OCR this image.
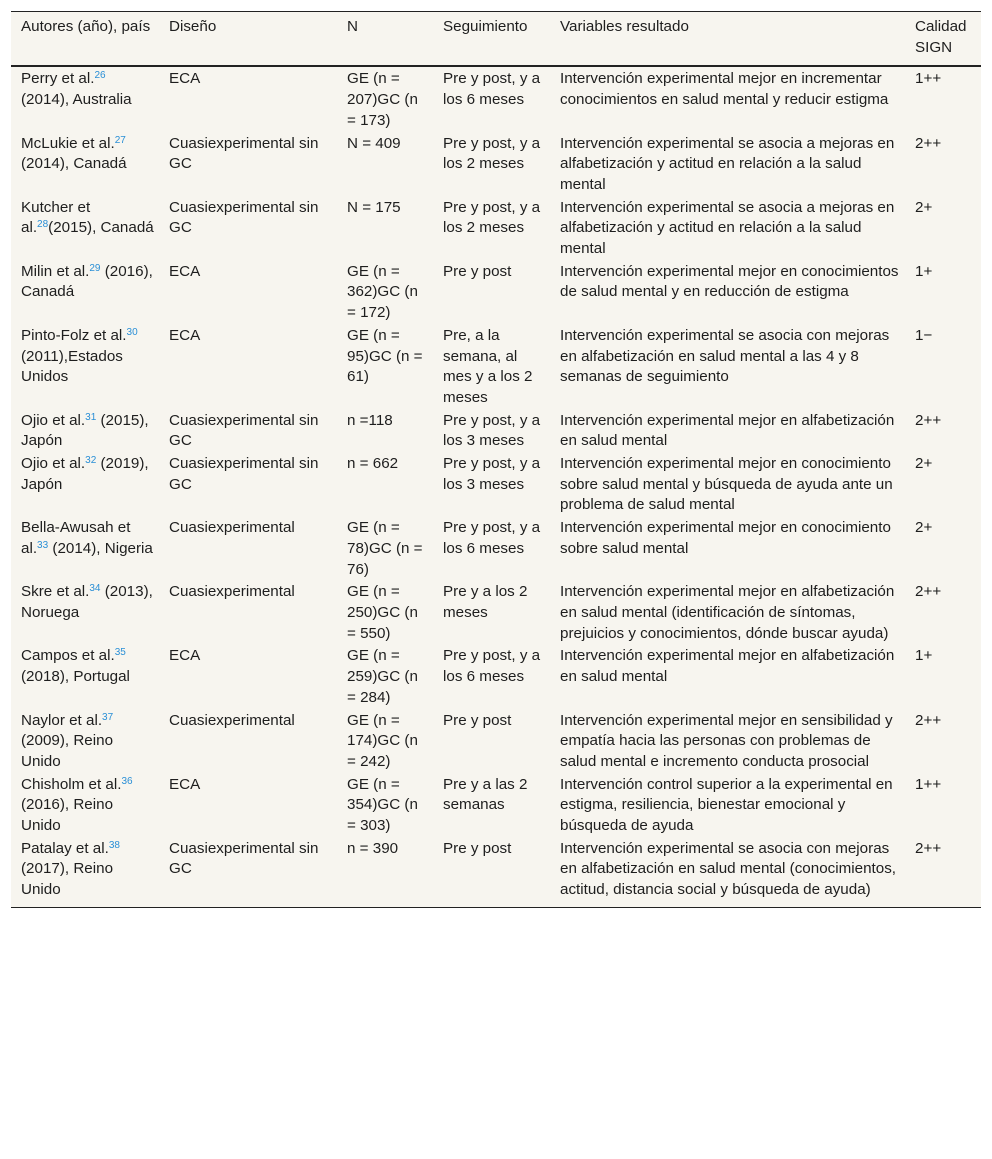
Autores (año), país	Diseño	N	Seguimiento	Variables resultado	Calidad SIGN
Perry et al.$^{26}$ (2014), Australia	ECA	GE (n = 207)GC (n = 173)	Pre y post, y a los 6 meses	Intervención experimental mejor en incrementar conocimientos en salud mental y reducir estigma	1++
McLukie et al.$^{27}$ (2014), Canadá	Cuasiexperimental sin GC	N = 409	Pre y post, y a los 2 meses	Intervención experimental se asocia a mejoras en alfabetización y actitud en relación a la salud mental	2++
Kutcher et al.$^{28}$(2015), Canadá	Cuasiexperimental sin GC	N = 175	Pre y post, y a los 2 meses	Intervención experimental se asocia a mejoras en alfabetización y actitud en relación a la salud mental	2+
Milin et al.$^{29}$ (2016), Canadá	ECA	GE (n = 362)GC (n = 172)	Pre y post	Intervención experimental mejor en conocimientos de salud mental y en reducción de estigma	1+
Pinto-Folz et al.$^{30}$ (2011),Estados Unidos	ECA	GE (n = 95)GC (n = 61)	Pre, a la semana, al mes y a los 2 meses	Intervención experimental se asocia con mejoras en alfabetización en salud mental a las 4 y 8 semanas de seguimiento	1−
Ojio et al.$^{31}$ (2015), Japón	Cuasiexperimental sin GC	n =118	Pre y post, y a los 3 meses	Intervención experimental mejor en alfabetización en salud mental	2++
Ojio et al.$^{32}$ (2019), Japón	Cuasiexperimental sin GC	n = 662	Pre y post, y a los 3 meses	Intervención experimental mejor en conocimiento sobre salud mental y búsqueda de ayuda ante un problema de salud mental	2+
Bella-Awusah et al.$^{33}$ (2014), Nigeria	Cuasiexperimental	GE (n = 78)GC (n = 76)	Pre y post, y a los 6 meses	Intervención experimental mejor en conocimiento sobre salud mental	2+
Skre et al.$^{34}$ (2013), Noruega	Cuasiexperimental	GE (n = 250)GC (n = 550)	Pre y a los 2 meses	Intervención experimental mejor en alfabetización en salud mental (identificación de síntomas, prejuicios y conocimientos, dónde buscar ayuda)	2++
Campos et al.$^{35}$ (2018), Portugal	ECA	GE (n = 259)GC (n = 284)	Pre y post, y a los 6 meses	Intervención experimental mejor en alfabetización en salud mental	1+
Naylor et al.$^{37}$ (2009), Reino Unido	Cuasiexperimental	GE (n = 174)GC (n = 242)	Pre y post	Intervención experimental mejor en sensibilidad y empatía hacia las personas con problemas de salud mental e incremento conducta prosocial	2++
Chisholm et al.$^{36}$ (2016), Reino Unido	ECA	GE (n = 354)GC (n = 303)	Pre y a las 2 semanas	Intervención control superior a la experimental en estigma, resiliencia, bienestar emocional y búsqueda de ayuda	1++
Patalay et al.$^{38}$ (2017), Reino Unido	Cuasiexperimental sin GC	n = 390	Pre y post	Intervención experimental se asocia con mejoras en alfabetización en salud mental (conocimientos, actitud, distancia social y búsqueda de ayuda)	2++
